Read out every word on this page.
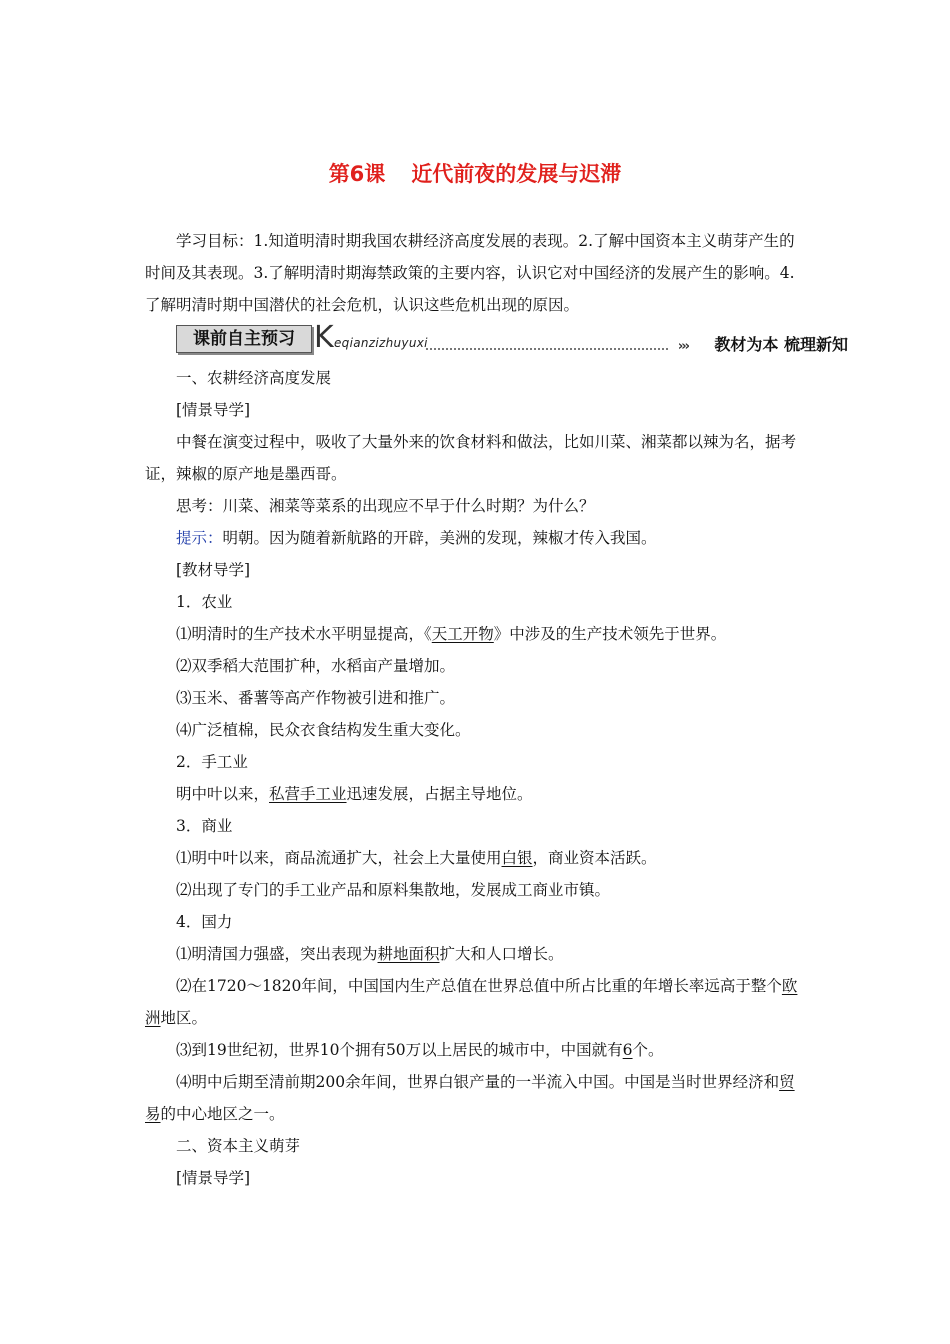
第6课 近代前夜的发展与迟滞
学习目标：1.知道明清时期我国农耕经济高度发展的表现。2.了解中国资本主义萌芽产生的时间及其表现。3.了解明清时期海禁政策的主要内容，认识它对中国经济的发展产生的影响。4.了解明清时期中国潜伏的社会危机，认识这些危机出现的原因。
课前自主预习 K eqianzizhuyuxi	››› 教材为本 梳理新知
一、农耕经济高度发展
[情景导学]
中餐在演变过程中，吸收了大量外来的饮食材料和做法，比如川菜、湘菜都以辣为名，据考证，辣椒的原产地是墨西哥。
思考：川菜、湘菜等菜系的出现应不早于什么时期？为什么？
提示：明朝。因为随着新航路的开辟，美洲的发现，辣椒才传入我国。
[教材导学]
1．农业
⑴明清时的生产技术水平明显提高，《天工开物》中涉及的生产技术领先于世界。
⑵双季稻大范围扩种，水稻亩产量增加。
⑶玉米、番薯等高产作物被引进和推广。
⑷广泛植棉，民众衣食结构发生重大变化。
2．手工业
明中叶以来，私营手工业迅速发展，占据主导地位。
3．商业
⑴明中叶以来，商品流通扩大，社会上大量使用白银，商业资本活跃。
⑵出现了专门的手工业产品和原料集散地，发展成工商业市镇。
4．国力
⑴明清国力强盛，突出表现为耕地面积扩大和人口增长。
⑵在1720～1820年间，中国国内生产总值在世界总值中所占比重的年增长率远高于整个欧洲地区。
⑶到19世纪初，世界10个拥有50万以上居民的城市中，中国就有6个。
⑷明中后期至清前期200余年间，世界白银产量的一半流入中国。中国是当时世界经济和贸易的中心地区之一。
二、资本主义萌芽
[情景导学]
